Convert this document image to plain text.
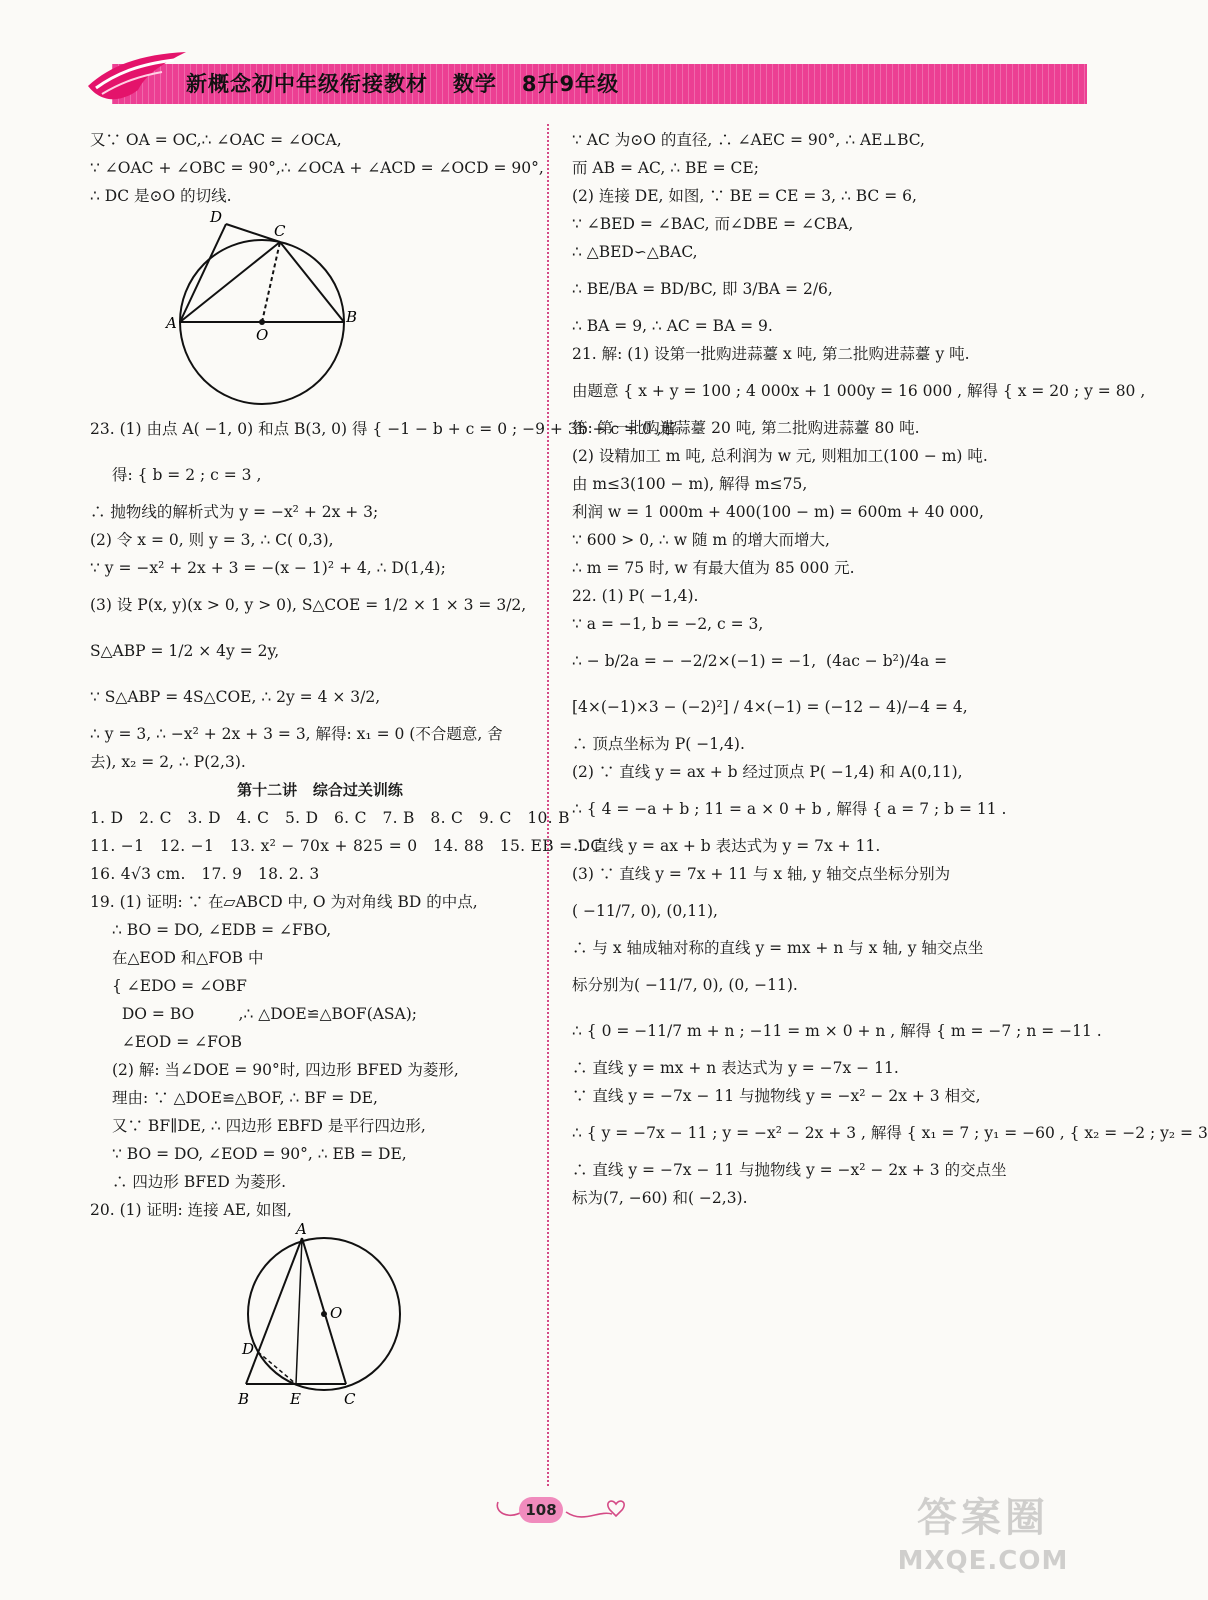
新概念初中年级衔接教材   数学   8升9年级
又∵ OA = OC,∴ ∠OAC = ∠OCA,
∵ ∠OAC + ∠OBC = 90°,∴ ∠OCA + ∠ACD = ∠OCD = 90°,
∴ DC 是⊙O 的切线.
D
C
A
O
B
23. (1) 由点 A( −1, 0) 和点 B(3, 0) 得 { −1 − b + c = 0 ; −9 + 3b + c = 0 ,解
得: { b = 2 ; c = 3 ,
∴ 抛物线的解析式为 y = −x² + 2x + 3;
(2) 令 x = 0, 则 y = 3, ∴ C( 0,3),
∵ y = −x² + 2x + 3 = −(x − 1)² + 4, ∴ D(1,4);
(3) 设 P(x, y)(x > 0, y > 0), S△COE = 1/2 × 1 × 3 = 3/2,
S△ABP = 1/2 × 4y = 2y,
∵ S△ABP = 4S△COE, ∴ 2y = 4 × 3/2,
∴ y = 3, ∴ −x² + 2x + 3 = 3, 解得: x₁ = 0 (不合题意, 舍
去), x₂ = 2, ∴ P(2,3).
第十二讲   综合过关训练
1. D   2. C   3. D   4. C   5. D   6. C   7. B   8. C   9. C   10. B
11. −1   12. −1   13. x² − 70x + 825 = 0   14. 88   15. EB = DC
16. 4√3 cm.   17. 9   18. 2. 3
19. (1) 证明: ∵ 在▱ABCD 中, O 为对角线 BD 的中点,
∴ BO = DO, ∠EDB = ∠FBO,
在△EOD 和△FOB 中
{ ∠EDO = ∠OBF
DO = BO         ,∴ △DOE≌△BOF(ASA);
∠EOD = ∠FOB
(2) 解: 当∠DOE = 90°时, 四边形 BFED 为菱形,
理由: ∵ △DOE≌△BOF, ∴ BF = DE,
又∵ BF∥DE, ∴ 四边形 EBFD 是平行四边形,
∵ BO = DO, ∠EOD = 90°, ∴ EB = DE,
∴ 四边形 BFED 为菱形.
20. (1) 证明: 连接 AE, 如图,
A
O
D
B	E	C
∵ AC 为⊙O 的直径, ∴ ∠AEC = 90°, ∴ AE⊥BC,
而 AB = AC, ∴ BE = CE;
(2) 连接 DE, 如图, ∵ BE = CE = 3, ∴ BC = 6,
∵ ∠BED = ∠BAC, 而∠DBE = ∠CBA,
∴ △BED∽△BAC,
∴ BE/BA = BD/BC, 即 3/BA = 2/6,
∴ BA = 9, ∴ AC = BA = 9.
21. 解: (1) 设第一批购进蒜薹 x 吨, 第二批购进蒜薹 y 吨.
由题意 { x + y = 100 ; 4 000x + 1 000y = 16 000 , 解得 { x = 20 ; y = 80 ,
答: 第一批购进蒜薹 20 吨, 第二批购进蒜薹 80 吨.
(2) 设精加工 m 吨, 总利润为 w 元, 则粗加工(100 − m) 吨.
由 m≤3(100 − m), 解得 m≤75,
利润 w = 1 000m + 400(100 − m) = 600m + 40 000,
∵ 600 > 0, ∴ w 随 m 的增大而增大,
∴ m = 75 时, w 有最大值为 85 000 元.
22. (1) P( −1,4).
∵ a = −1, b = −2, c = 3,
∴ − b/2a = − −2/2×(−1) = −1,  (4ac − b²)/4a =
[4×(−1)×3 − (−2)²] / 4×(−1) = (−12 − 4)/−4 = 4,
∴ 顶点坐标为 P( −1,4).
(2) ∵ 直线 y = ax + b 经过顶点 P( −1,4) 和 A(0,11),
∴ { 4 = −a + b ; 11 = a × 0 + b , 解得 { a = 7 ; b = 11 .
∴ 直线 y = ax + b 表达式为 y = 7x + 11.
(3) ∵ 直线 y = 7x + 11 与 x 轴, y 轴交点坐标分别为
( −11/7, 0), (0,11),
∴ 与 x 轴成轴对称的直线 y = mx + n 与 x 轴, y 轴交点坐
标分别为( −11/7, 0), (0, −11).
∴ { 0 = −11/7 m + n ; −11 = m × 0 + n , 解得 { m = −7 ; n = −11 .
∴ 直线 y = mx + n 表达式为 y = −7x − 11.
∵ 直线 y = −7x − 11 与抛物线 y = −x² − 2x + 3 相交,
∴ { y = −7x − 11 ; y = −x² − 2x + 3 , 解得 { x₁ = 7 ; y₁ = −60 , { x₂ = −2 ; y₂ = 3
∴ 直线 y = −7x − 11 与抛物线 y = −x² − 2x + 3 的交点坐
标为(7, −60) 和( −2,3).
108	答案圈
MXQE.COM
